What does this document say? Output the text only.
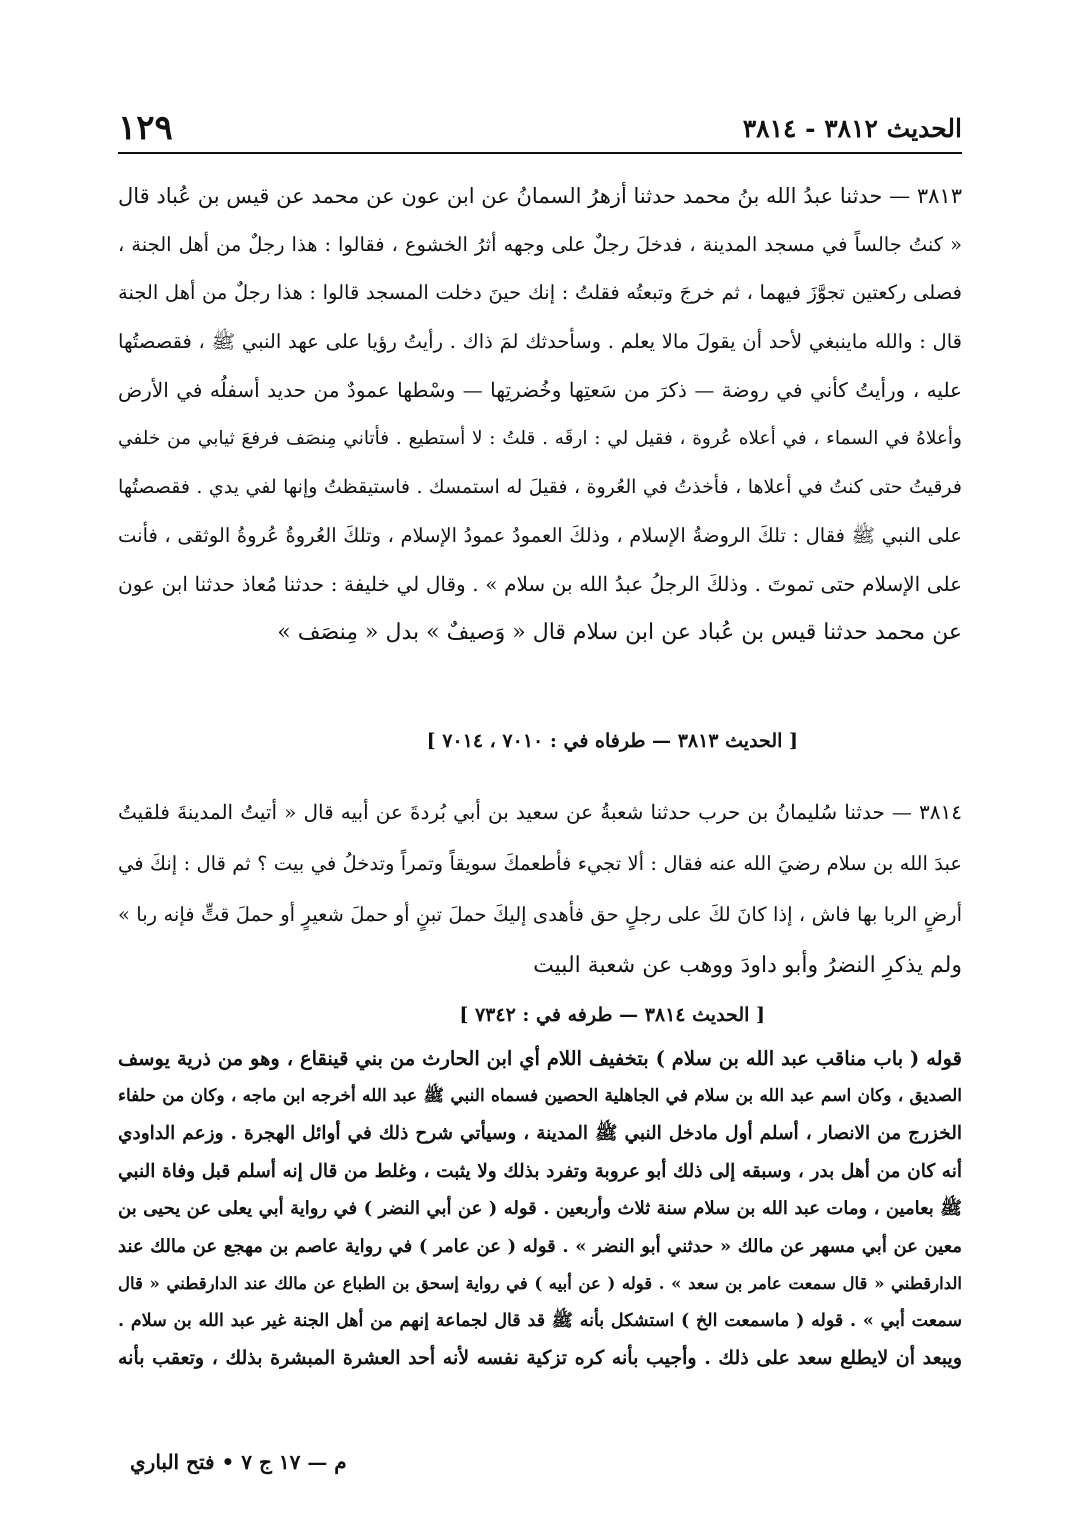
الحديث ٣٨١٢ - ٣٨١٤
١٢٩
٣٨١٣ — حدثنا عبدُ الله بنُ محمد حدثنا أزهرُ السمانُ عن ابن عون عن محمد عن قيس بن عُباد قال
« كنتُ جالساً في مسجد المدينة ، فدخلَ رجلٌ على وجهه أثرُ الخشوع ، فقالوا : هذا رجلٌ من أهل الجنة ،
فصلى ركعتين تجوَّزَ فيهما ، ثم خرجَ وتبعتُه فقلتُ : إنك حينَ دخلت المسجد قالوا : هذا رجلٌ من أهل الجنة
قال : والله ماينبغي لأحد أن يقولَ مالا يعلم . وسأحدثك لمَ ذاك . رأيتُ رؤيا على عهد النبي ﷺ ، فقصصتُها
عليه ، ورأيتُ كأني في روضة — ذكرَ من سَعتِها وخُضرتِها — وسْطها عمودٌ من حديد أسفلُه في الأرض
وأعلاهُ في السماء ، في أعلاه عُروة ، فقيل لي : ارقَه . قلتُ : لا أستطيع . فأتاني مِنصَف فرفعَ ثيابي من خلفي
فرقيتُ حتى كنتُ في أعلاها ، فأخذتُ في العُروة ، فقيلَ له استمسك . فاستيقظتُ وإنها لفي يدي . فقصصتُها
على النبي ﷺ فقال : تلكَ الروضةُ الإسلام ، وذلكَ العمودُ عمودُ الإسلام ، وتلكَ العُروةُ عُروةُ الوثقى ، فأنت
على الإسلام حتى تموتَ . وذلكَ الرجلُ عبدُ الله بن سلام » . وقال لي خليفة : حدثنا مُعاذ حدثنا ابن عون
عن محمد حدثنا قيس بن عُباد عن ابن سلام قال « وَصيفٌ » بدل « مِنصَف »
[ الحديث ٣٨١٣ — طرفاه في : ٧٠١٠ ، ٧٠١٤ ]
٣٨١٤ — حدثنا سُليمانُ بن حرب حدثنا شعبةُ عن سعيد بن أبي بُردةَ عن أبيه قال « أتيتُ المدينةَ فلقيتُ
عبدَ الله بن سلام رضيَ الله عنه فقال : ألا تجيء فأطعمكَ سويقاً وتمراً وتدخلُ في بيت ؟ ثم قال : إنكَ في
أرضٍ الربا بها فاش ، إذا كانَ لكَ على رجلٍ حق فأهدى إليكَ حملَ تبنٍ أو حملَ شعيرٍ أو حملَ قتٍّ فإنه ربا »
ولم يذكرِ النضرُ وأبو داودَ ووهب عن شعبة البيت
[ الحديث ٣٨١٤ — طرفه في : ٧٣٤٢ ]
قوله ( باب مناقب عبد الله بن سلام ) بتخفيف اللام أي ابن الحارث من بني قينقاع ، وهو من ذرية يوسف
الصديق ، وكان اسم عبد الله بن سلام في الجاهلية الحصين فسماه النبي ﷺ عبد الله أخرجه ابن ماجه ، وكان من حلفاء
الخزرج من الانصار ، أسلم أول مادخل النبي ﷺ المدينة ، وسيأتي شرح ذلك في أوائل الهجرة . وزعم الداودي
أنه كان من أهل بدر ، وسبقه إلى ذلك أبو عروبة وتفرد بذلك ولا يثبت ، وغلط من قال إنه أسلم قبل وفاة النبي
ﷺ بعامين ، ومات عبد الله بن سلام سنة ثلاث وأربعين . قوله ( عن أبي النضر ) في رواية أبي يعلى عن يحيى بن
معين عن أبي مسهر عن مالك « حدثني أبو النضر » . قوله ( عن عامر ) في رواية عاصم بن مهجع عن مالك عند
الدارقطني « قال سمعت عامر بن سعد » . قوله ( عن أبيه ) في رواية إسحق بن الطباع عن مالك عند الدارقطني « قال
سمعت أبي » . قوله ( ماسمعت الخ ) استشكل بأنه ﷺ قد قال لجماعة إنهم من أهل الجنة غير عبد الله بن سلام .
ويبعد أن لايطلع سعد على ذلك . وأجيب بأنه كره تزكية نفسه لأنه أحد العشرة المبشرة بذلك ، وتعقب بأنه
م — ١٧ ج ٧ • فتح الباري
